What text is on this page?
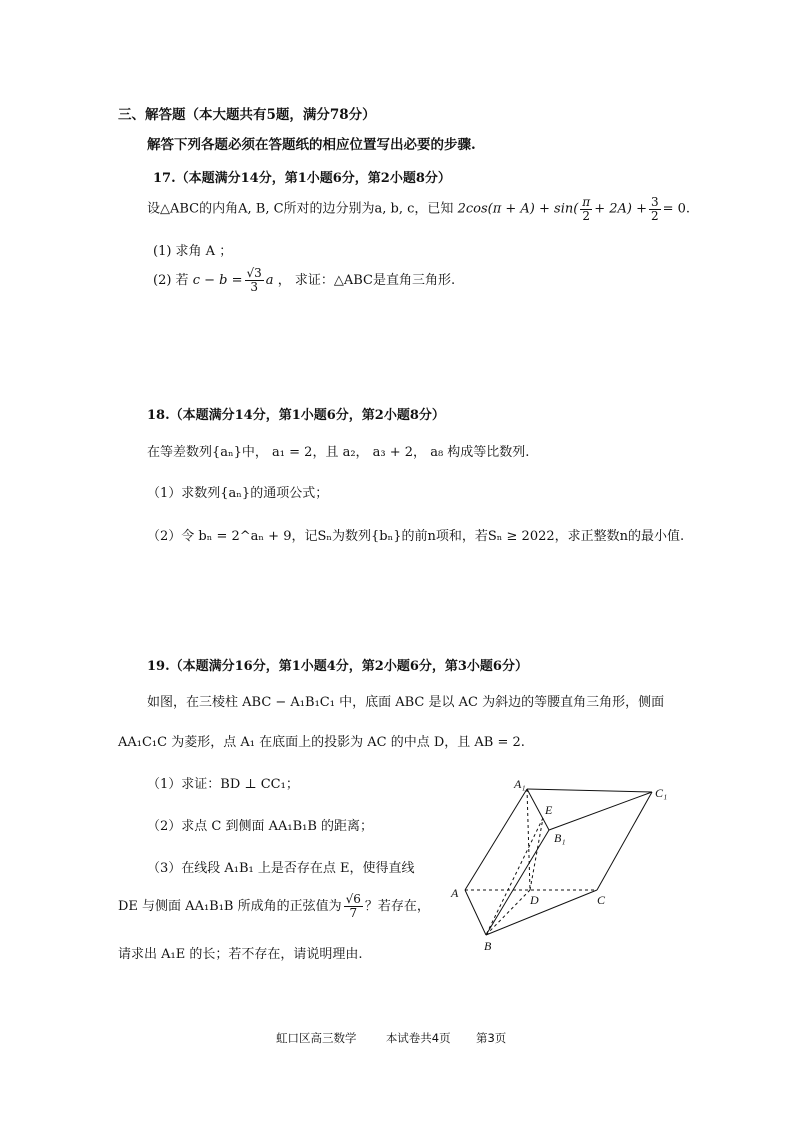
三、解答题（本大题共有5题，满分78分）
解答下列各题必须在答题纸的相应位置写出必要的步骤.
17.（本题满分14分，第1小题6分，第2小题8分）
设△ABC的内角A, B, C所对的边分别为a, b, c，已知 $2\cos(\pi + A) + \sin( \frac{\pi}{2} + 2A) + \frac{3}{2} = 0$.
(1) 求角 A ；
(2) 若 $c - b = \frac{√3}{3}$ a ， 求证：△ABC是直角三角形.
18.（本题满分14分，第1小题6分，第2小题8分）
在等差数列{aₙ}中， a₁ = 2，且 a₂， a₃ + 2， a₈ 构成等比数列.
（1）求数列{aₙ}的通项公式；
（2）令 bₙ = 2^aₙ + 9，记Sₙ为数列{bₙ}的前n项和，若Sₙ ≥ 2022，求正整数n的最小值.
19.（本题满分16分，第1小题4分，第2小题6分，第3小题6分）
如图，在三棱柱 ABC − A₁B₁C₁ 中，底面 ABC 是以 AC 为斜边的等腰直角三角形，侧面
AA₁C₁C 为菱形，点 A₁ 在底面上的投影为 AC 的中点 D，且 AB = 2.
（1）求证：BD ⊥ CC₁；
（2）求点 C 到侧面 AA₁B₁B 的距离；
（3）在线段 A₁B₁ 上是否存在点 E，使得直线
DE 与侧面 AA₁B₁B 所成角的正弦值为 $\frac{√6}{7}$ ？若存在，
请求出 A₁E 的长；若不存在，请说明理由.
A₁
C₁
E
B₁
A	D	C
B
虹口区高三数学	本试卷共4页 第3页
